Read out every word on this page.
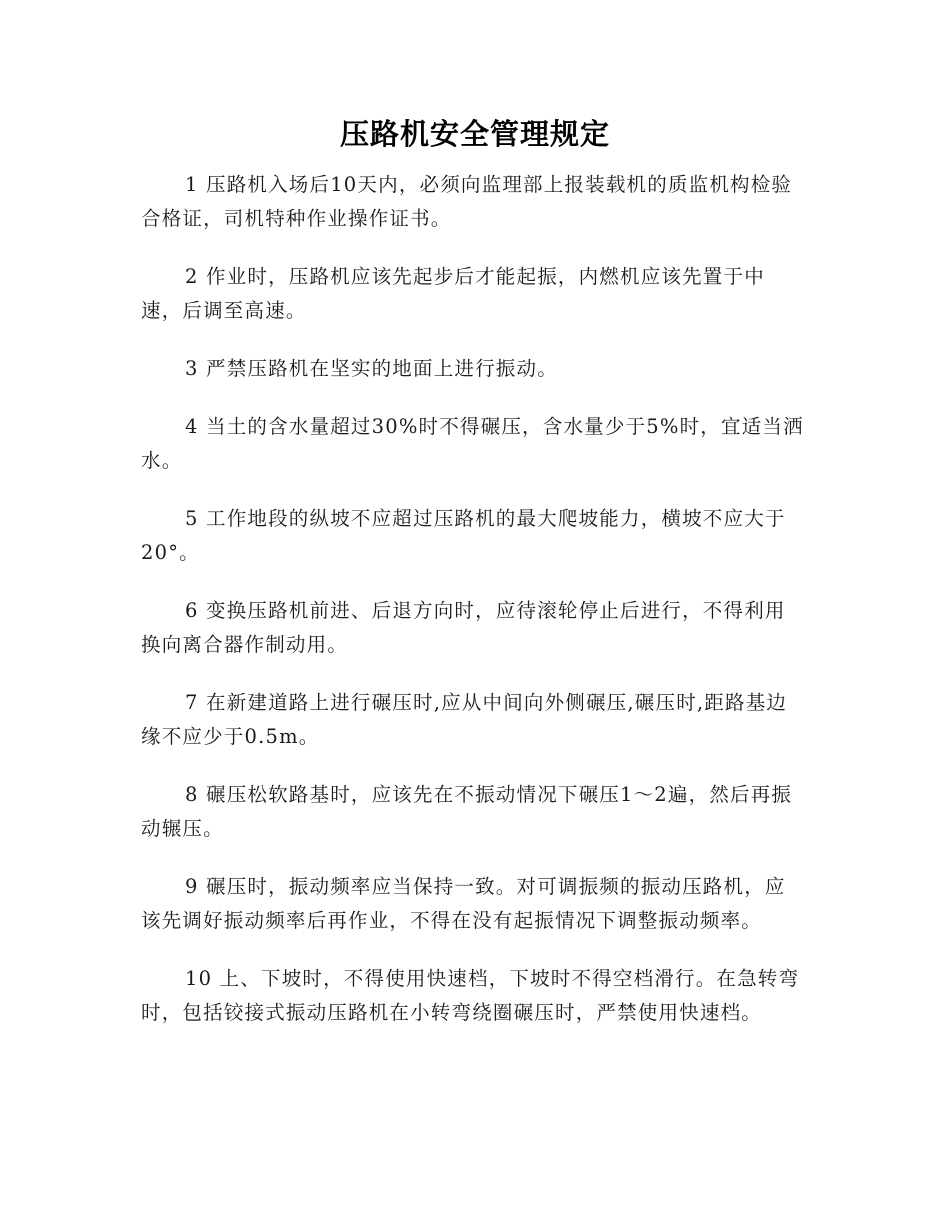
压路机安全管理规定

1 压路机入场后10天内，必须向监理部上报装载机的质监机构检验合格证，司机特种作业操作证书。

2 作业时，压路机应该先起步后才能起振，内燃机应该先置于中速，后调至高速。

3 严禁压路机在坚实的地面上进行振动。

4 当土的含水量超过30%时不得碾压，含水量少于5%时，宜适当洒水。

5 工作地段的纵坡不应超过压路机的最大爬坡能力，横坡不应大于20°。

6 变换压路机前进、后退方向时，应待滚轮停止后进行，不得利用换向离合器作制动用。

7 在新建道路上进行碾压时,应从中间向外侧碾压,碾压时,距路基边缘不应少于0.5m。

8 碾压松软路基时，应该先在不振动情况下碾压1～2遍，然后再振动辗压。

9 碾压时，振动频率应当保持一致。对可调振频的振动压路机，应该先调好振动频率后再作业，不得在没有起振情况下调整振动频率。

10 上、下坡时，不得使用快速档，下坡时不得空档滑行。在急转弯时，包括铰接式振动压路机在小转弯绕圈碾压时，严禁使用快速档。
